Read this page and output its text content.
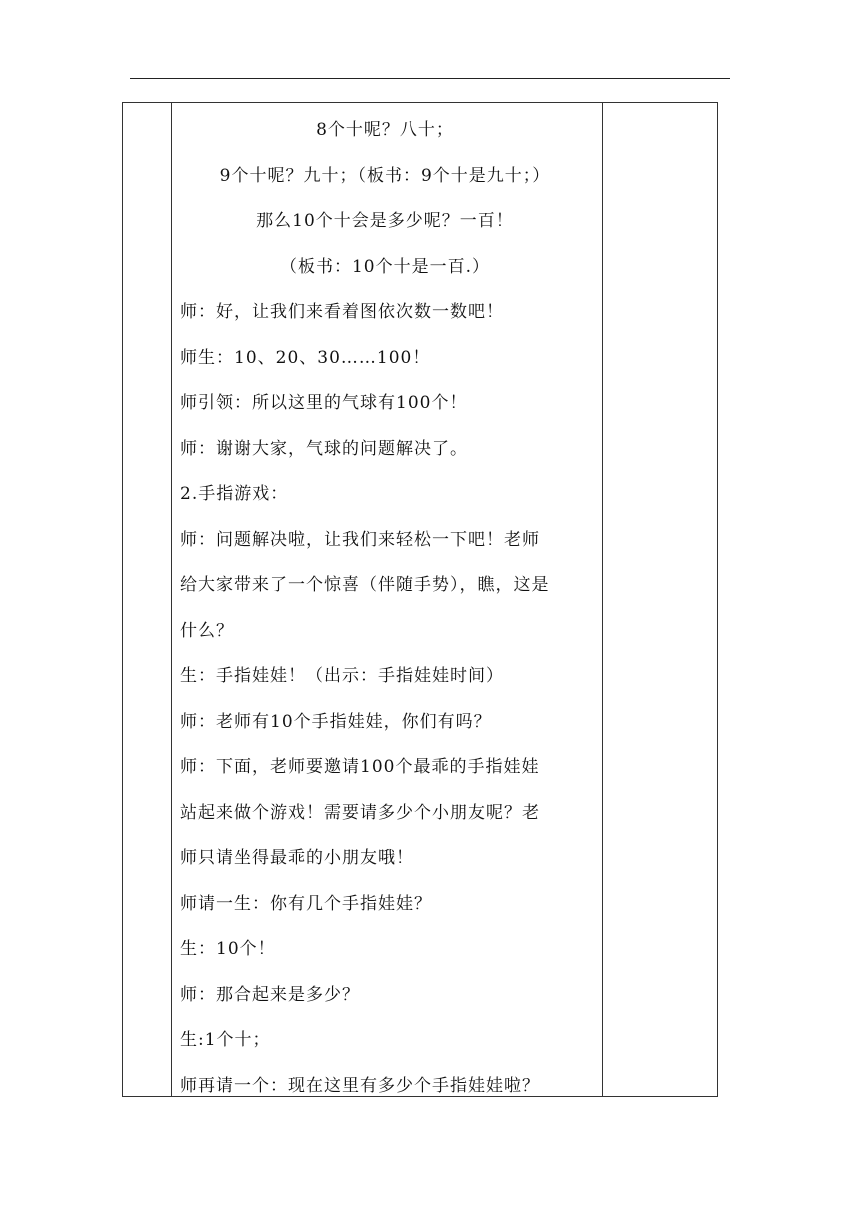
8个十呢？八十；
9个十呢？九十；（板书：9个十是九十；）
那么10个十会是多少呢？一百！
（板书：10个十是一百.）
师：好，让我们来看着图依次数一数吧！
师生：10、20、30……100！
师引领：所以这里的气球有100个！
师：谢谢大家，气球的问题解决了。
2.手指游戏：
师：问题解决啦，让我们来轻松一下吧！老师
给大家带来了一个惊喜（伴随手势），瞧，这是
什么？
生：手指娃娃！（出示：手指娃娃时间）
师：老师有10个手指娃娃，你们有吗？
师：下面，老师要邀请100个最乖的手指娃娃
站起来做个游戏！需要请多少个小朋友呢？老
师只请坐得最乖的小朋友哦！
师请一生：你有几个手指娃娃？
生：10个！
师：那合起来是多少？
生:1个十；
师再请一个：现在这里有多少个手指娃娃啦？
